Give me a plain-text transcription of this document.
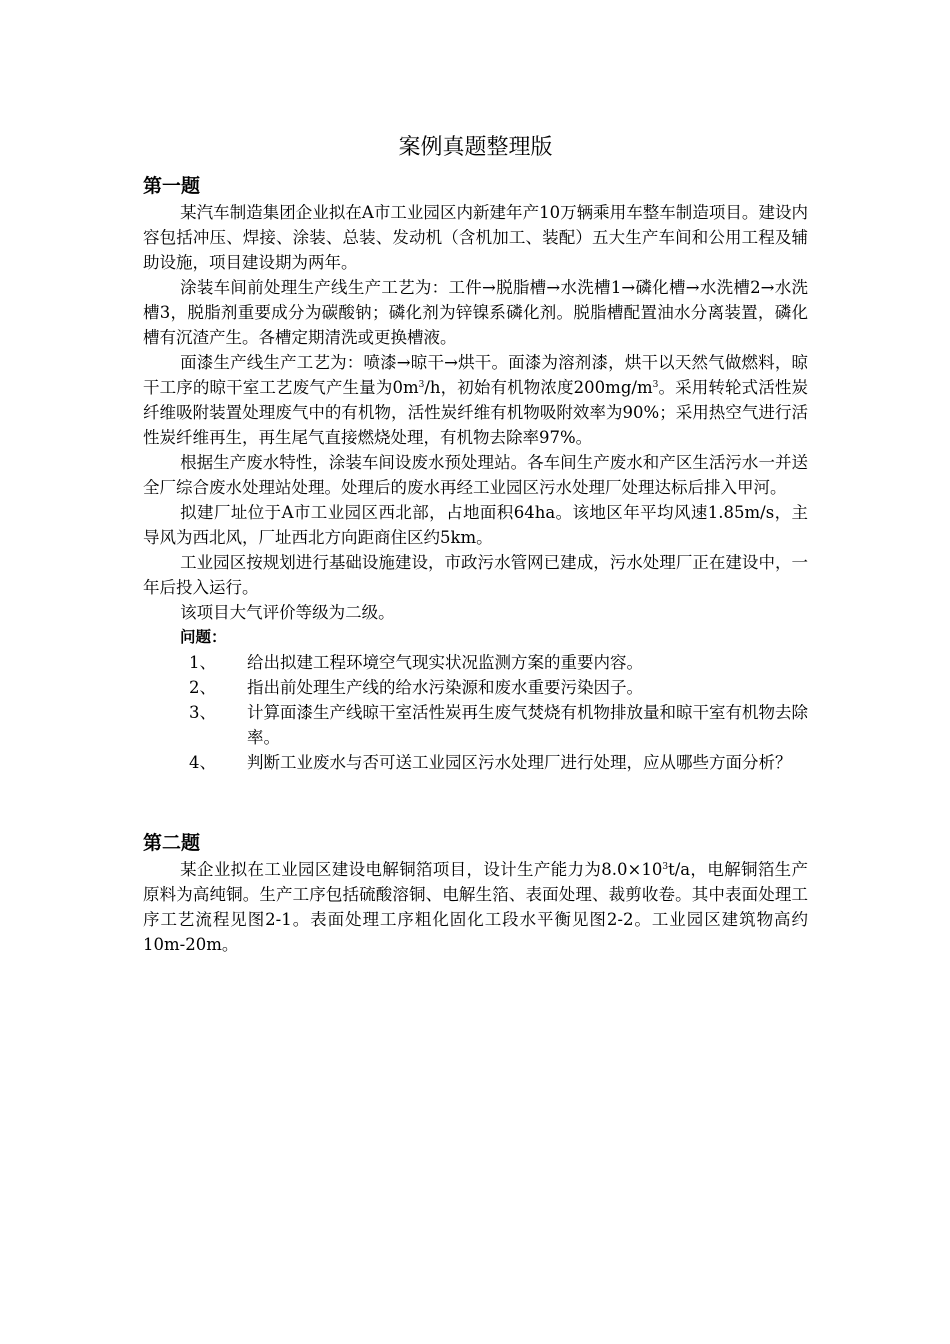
案例真题整理版
第一题

某汽车制造集团企业拟在A市工业园区内新建年产10万辆乘用车整车制造项目。建设内容包括冲压、焊接、涂装、总装、发动机（含机加工、装配）五大生产车间和公用工程及辅助设施，项目建设期为两年。

涂装车间前处理生产线生产工艺为：工件→脱脂槽→水洗槽1→磷化槽→水洗槽2→水洗槽3，脱脂剂重要成分为碳酸钠；磷化剂为锌镍系磷化剂。脱脂槽配置油水分离装置，磷化槽有沉渣产生。各槽定期清洗或更换槽液。

面漆生产线生产工艺为：喷漆→晾干→烘干。面漆为溶剂漆，烘干以天然气做燃料，晾干工序的晾干室工艺废气产生量为$0m^3/h$，初始有机物浓度$200mg/m^3$。采用转轮式活性炭纤维吸附装置处理废气中的有机物，活性炭纤维有机物吸附效率为90%；采用热空气进行活性炭纤维再生，再生尾气直接燃烧处理，有机物去除率97%。

根据生产废水特性，涂装车间设废水预处理站。各车间生产废水和产区生活污水一并送全厂综合废水处理站处理。处理后的废水再经工业园区污水处理厂处理达标后排入甲河。

拟建厂址位于A市工业园区西北部，占地面积64ha。该地区年平均风速1.85m/s，主导风为西北风，厂址西北方向距商住区约5km。

工业园区按规划进行基础设施建设，市政污水管网已建成，污水处理厂正在建设中，一年后投入运行。

该项目大气评价等级为二级。

问题：

1、	给出拟建工程环境空气现实状况监测方案的重要内容。
2、	指出前处理生产线的给水污染源和废水重要污染因子。
3、	计算面漆生产线晾干室活性炭再生废气焚烧有机物排放量和晾干室有机物去除率。
4、	判断工业废水与否可送工业园区污水处理厂进行处理，应从哪些方面分析？
第二题

某企业拟在工业园区建设电解铜箔项目，设计生产能力为$8.0\times 10^3t/a$，电解铜箔生产原料为高纯铜。生产工序包括硫酸溶铜、电解生箔、表面处理、裁剪收卷。其中表面处理工序工艺流程见图2-1。表面处理工序粗化固化工段水平衡见图2-2。工业园区建筑物高约10m-20m。
